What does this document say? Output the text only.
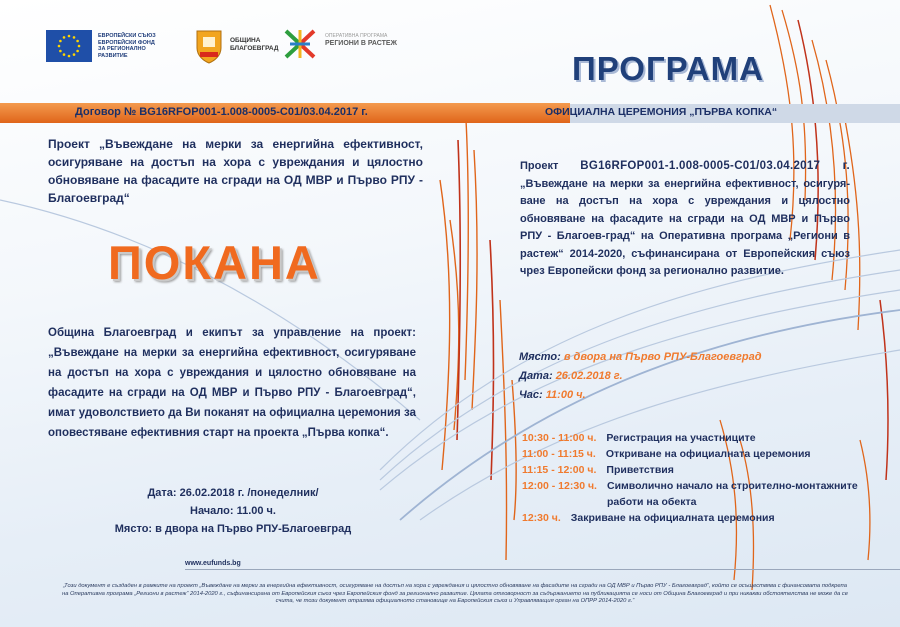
ЕВРОПЕЙСКИ СЪЮЗ ЕВРОПЕЙСКИ ФОНД ЗА РЕГИОНАЛНО РАЗВИТИЕ
ОБЩИНА БЛАГОЕВГРАД
ОПЕРАТИВНА ПРОГРАМА
РЕГИОНИ В РАСТЕЖ
ПРОГРАМА
Договор № BG16RFOP001-1.008-0005-C01/03.04.2017 г.	ОФИЦИАЛНА ЦЕРЕМОНИЯ „ПЪРВА КОПКА“
Проект „Въвеждане на мерки за енергийна ефективност, осигуряване на достъп на хора с увреждания и цялостно обновяване на фасадите на сгради на ОД МВР и Първо РПУ - Благоевград“
ПОКАНА
Община Благоевград и екипът за управление на проект: „Въвеждане на мерки за енергийна ефективност, осигуряване на достъп на хора с увреждания и цялостно обновяване на фасадите на сгради на ОД МВР и Първо РПУ - Благоевград“, имат удоволствието да Ви поканят на официална церемония за оповестяване ефективния старт на проекта „Първа копка“.
Дата: 26.02.2018 г. /понеделник/
Начало: 11.00 ч.
Място: в двора на Първо РПУ-Благоевград
Проект BG16RFOP001-1.008-0005-C01/03.04.2017 г. „Въвеждане на мерки за енергийна ефективност, осигуря-ване на достъп на хора с увреждания и цялостно обновяване на фасадите на сгради на ОД МВР и Първо РПУ - Благоев-град“ на Оперативна програма „Региони в растеж“ 2014-2020, съфинансирана от Европейския съюз чрез Европейски фонд за регионално развитие.
Място: в двора на Първо РПУ-Благоевград
Дата: 26.02.2018 г.
Час: 11:00 ч.
10:30 - 11:00 ч. Регистрация на участниците
11:00 - 11:15 ч. Откриване на официалната церемония
11:15 - 12:00 ч. Приветствия
12:00 - 12:30 ч. Символично начало на строително-монтажните работи на обекта
12:30 ч. Закриване на официалната церемония
www.eufunds.bg
„Този документ е създаден в рамките на проект „Въвеждане на мерки за енергийна ефективност, осигуряване на достъп на хора с увреждания и цялостно обновяване на фасадите на сгради на ОД МВР и Първо РПУ - Благоевград“, който се осъществява с финансовата подкрепа на Оперативна програма „Региони в растеж“ 2014-2020 г., съфинансирана от Европейския съюз чрез Европейския фонд за регионално развитие. Цялата отговорност за съдържанието на публикацията се носи от Община Благоевград и при никакви обстоятелства не може да се счита, че този документ отразява официалното становище на Европейския съюз и Управляващия орган на ОПРР 2014-2020 г.“
